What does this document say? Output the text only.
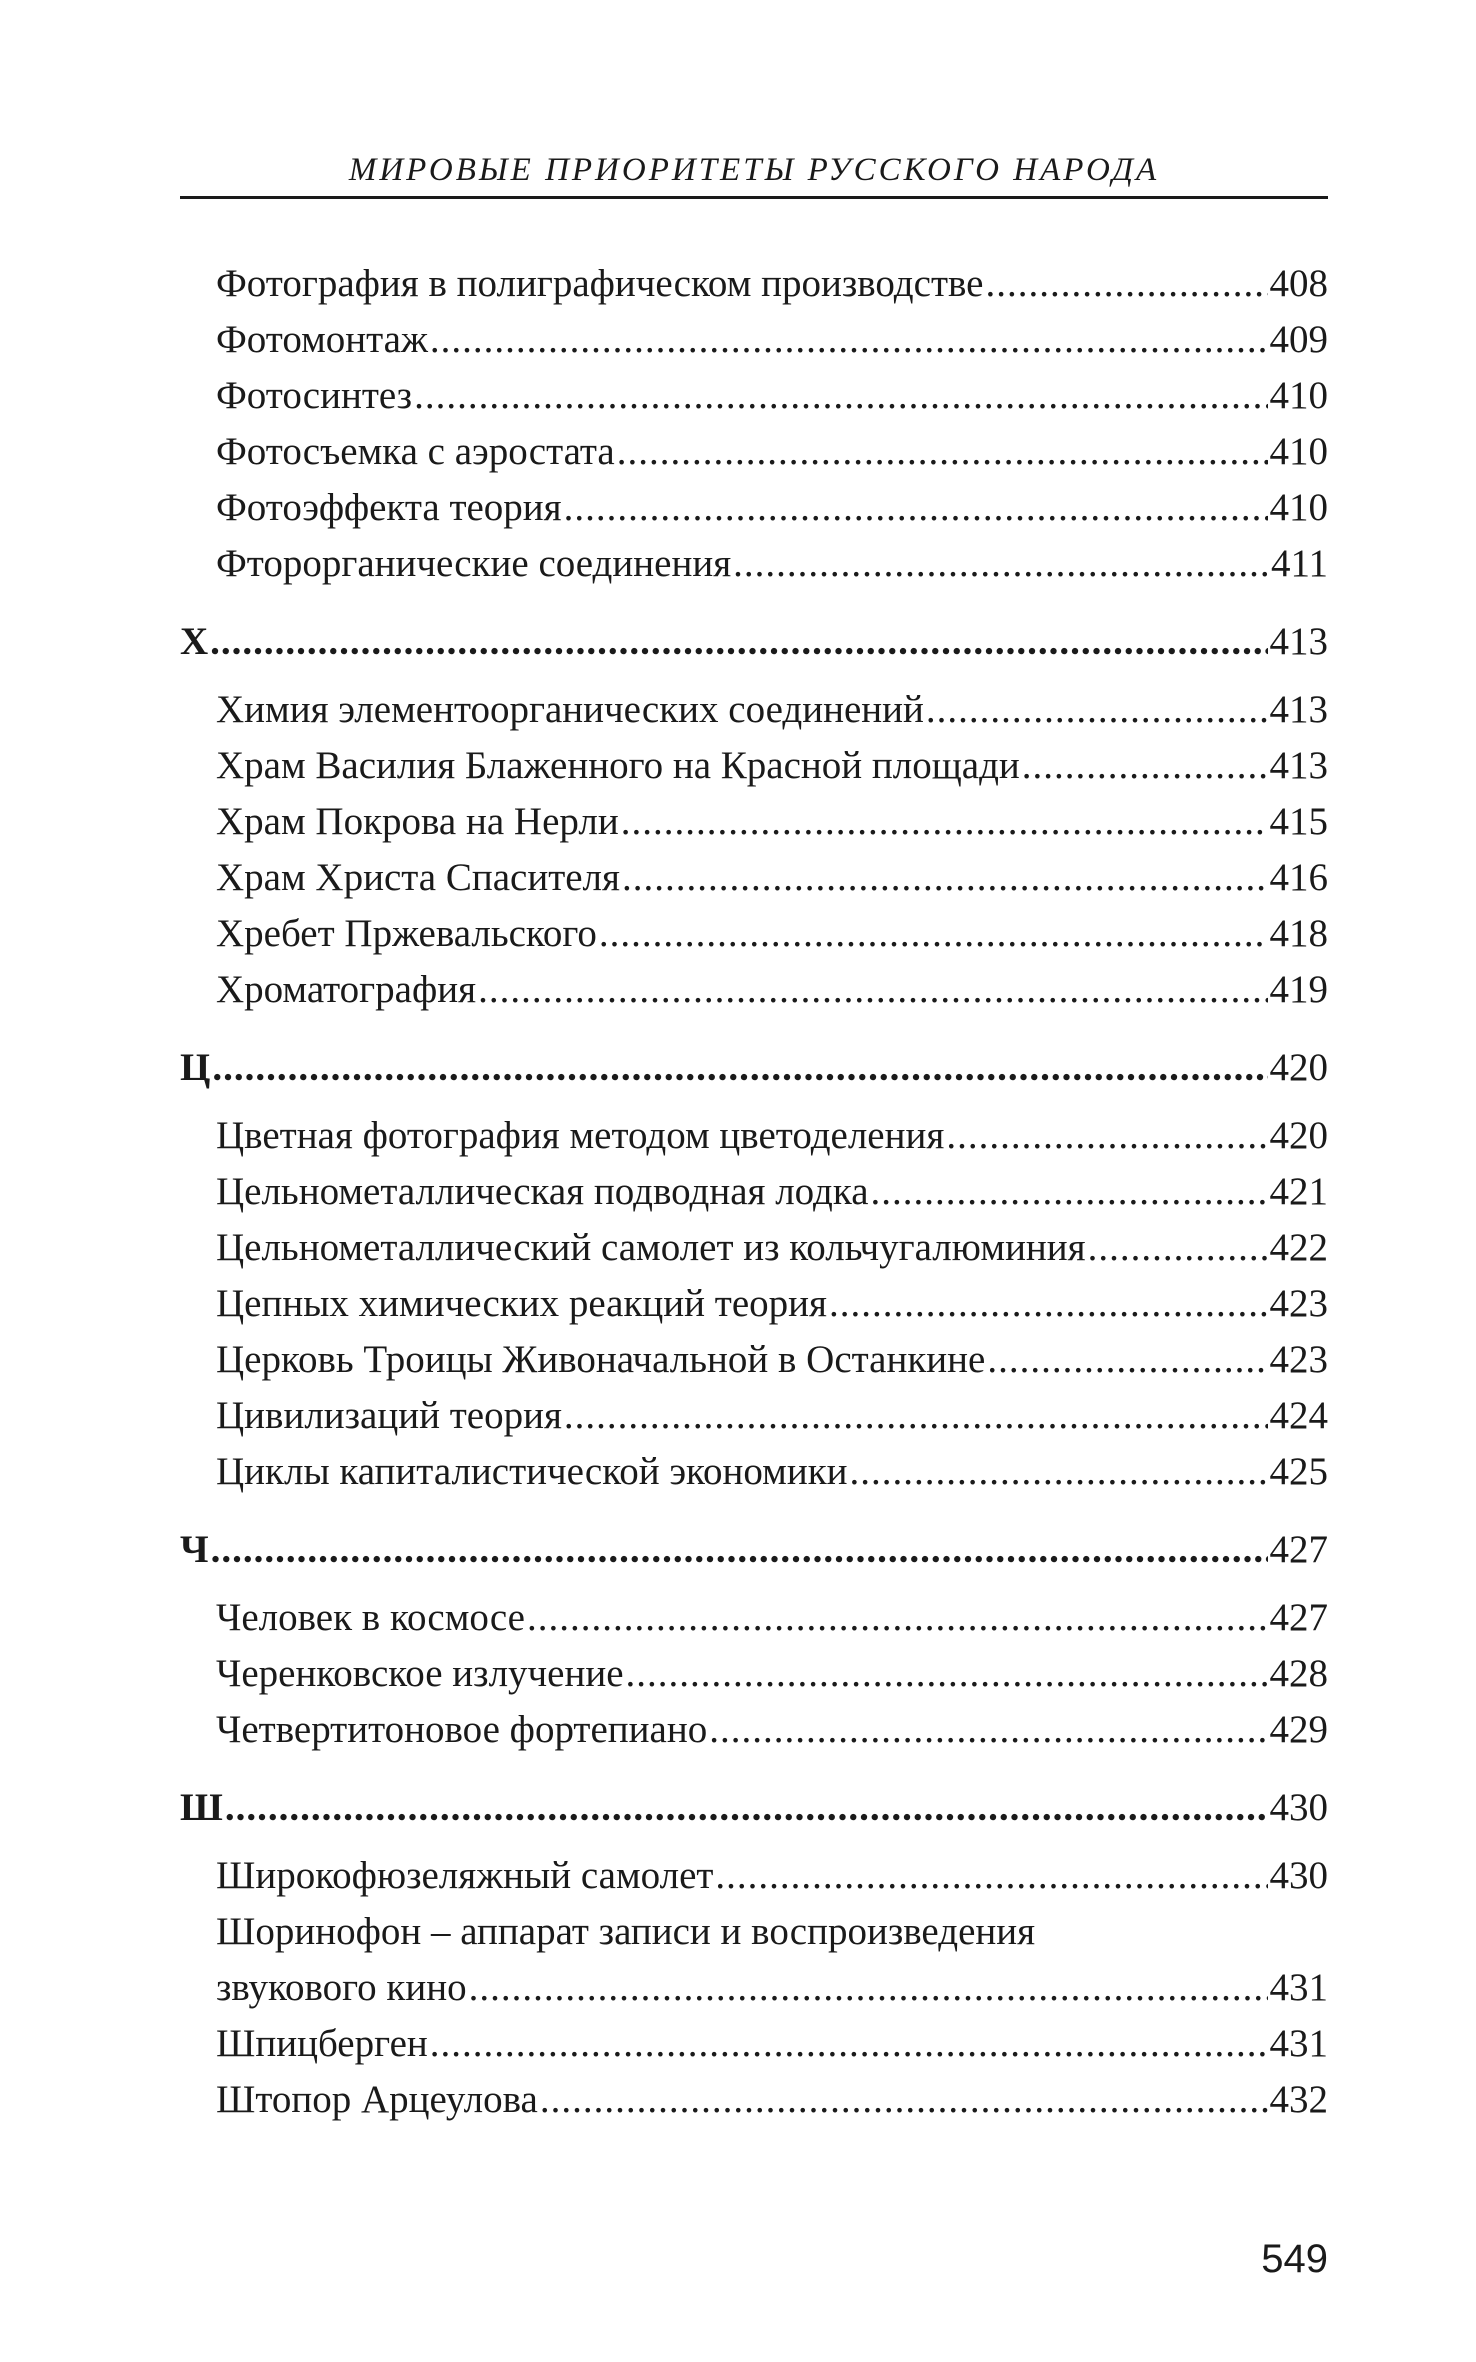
МИРОВЫЕ ПРИОРИТЕТЫ РУССКОГО НАРОДА
Фотография в полиграфическом производстве .....	408
Фотомонтаж .....	409
Фотосинтез .....	410
Фотосъемка с аэростата .....	410
Фотоэффекта теория .....	410
Фторорганические соединения .....	411
Х .....	413
Химия элементоорганических соединений .....	413
Храм Василия Блаженного на Красной площади .....	413
Храм Покрова на Нерли .....	415
Храм Христа Спасителя .....	416
Хребет Пржевальского .....	418
Хроматография .....	419
Ц .....	420
Цветная фотография методом цветоделения .....	420
Цельнометаллическая подводная лодка .....	421
Цельнометаллический самолет из кольчугалюминия .....	422
Цепных химических реакций теория .....	423
Церковь Троицы Живоначальной в Останкине .....	423
Цивилизаций теория .....	424
Циклы капиталистической экономики .....	425
Ч .....	427
Человек в космосе .....	427
Черенковское излучение .....	428
Четвертитоновое фортепиано .....	429
Ш .....	430
Широкофюзеляжный самолет .....	430
Шоринофон – аппарат записи и воспроизведения
звукового кино .....	431
Шпицберген .....	431
Штопор Арцеулова .....	432
549
